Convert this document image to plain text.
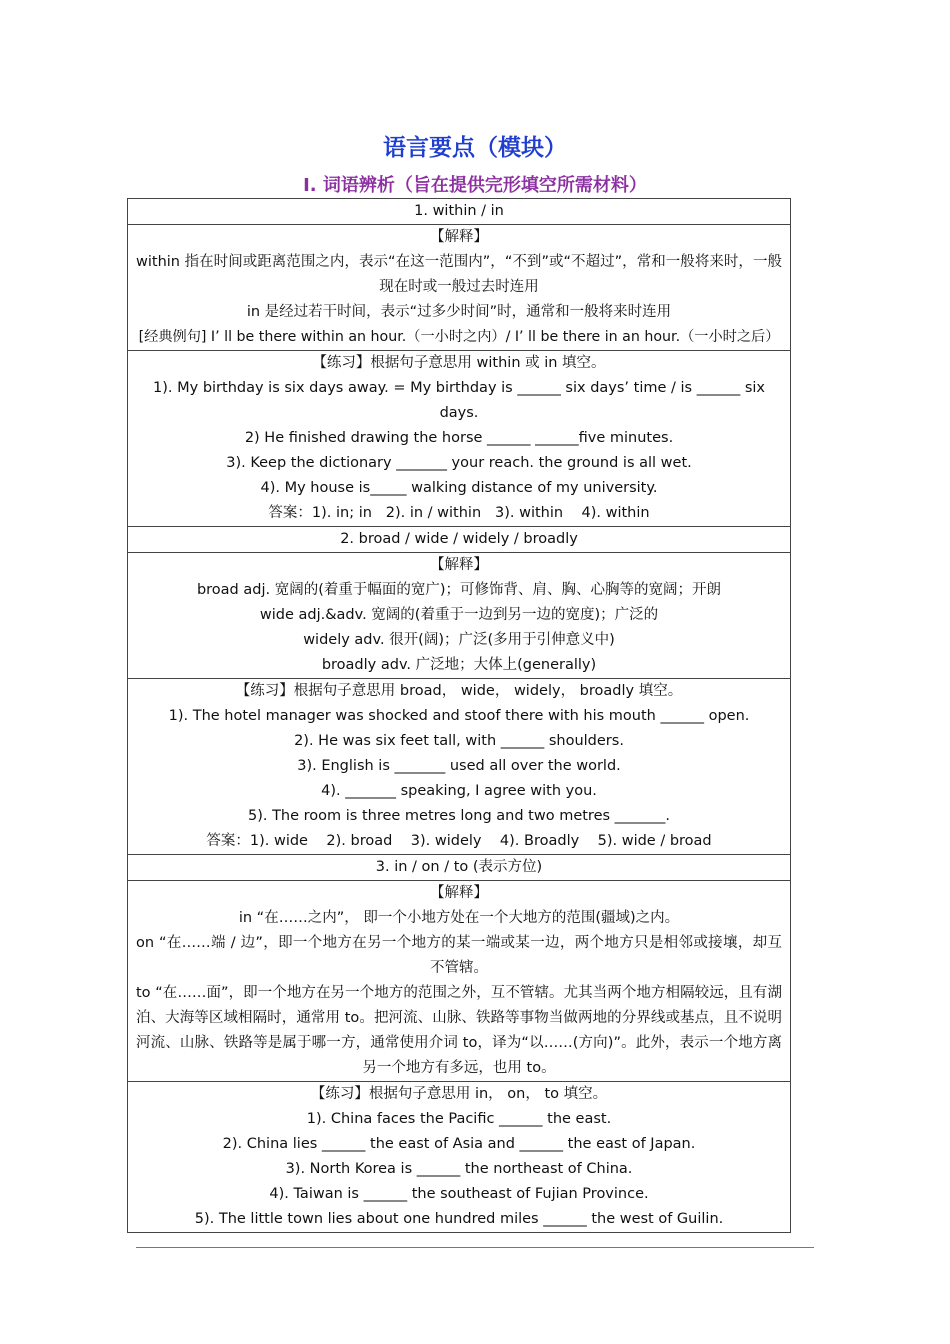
语言要点（模块）
Ⅰ. 词语辨析（旨在提供完形填空所需材料）
1. within / in

【解释】
within 指在时间或距离范围之内，表示“在这一范围内”，“不到”或“不超过”，常和一般将来时，一般现在时或一般过去时连用
in 是经过若干时间，表示“过多少时间”时，通常和一般将来时连用
[经典例句] I’ ll be there within an hour.（一小时之内）/ I’ ll be there in an hour.（一小时之后）

【练习】根据句子意思用 within 或 in 填空。
1). My birthday is six days away. = My birthday is ______ six days’ time / is ______ six days.
2) He finished drawing the horse ______ ______five minutes.
3). Keep the dictionary _______ your reach. the ground is all wet.
4). My house is_____ walking distance of my university.
答案：1). in; in   2). in / within   3). within    4). within

2. broad / wide / widely / broadly

【解释】
broad adj. 宽阔的(着重于幅面的宽广)；可修饰背、肩、胸、心胸等的宽阔；开朗
wide adj.&adv. 宽阔的(着重于一边到另一边的宽度)；广泛的
widely adv. 很开(阔)；广泛(多用于引伸意义中)
broadly adv. 广泛地；大体上(generally)

【练习】根据句子意思用 broad， wide， widely， broadly 填空。
1). The hotel manager was shocked and stoof there with his mouth ______ open.
2). He was six feet tall, with ______ shoulders.
3). English is _______ used all over the world.
4). _______ speaking, I agree with you.
5). The room is three metres long and two metres _______.
答案：1). wide    2). broad    3). widely    4). Broadly    5). wide / broad

3. in / on / to (表示方位)

【解释】
in “在……之内”， 即一个小地方处在一个大地方的范围(疆域)之内。
on “在……端 / 边”，即一个地方在另一个地方的某一端或某一边，两个地方只是相邻或接壤，却互不管辖。
to “在……面”，即一个地方在另一个地方的范围之外，互不管辖。尤其当两个地方相隔较远，且有湖泊、大海等区域相隔时，通常用 to。把河流、山脉、铁路等事物当做两地的分界线或基点，且不说明河流、山脉、铁路等是属于哪一方，通常使用介词 to，译为“以……(方向)”。此外，表示一个地方离另一个地方有多远，也用 to。

【练习】根据句子意思用 in， on， to 填空。
1). China faces the Pacific ______ the east.
2). China lies ______ the east of Asia and ______ the east of Japan.
3). North Korea is ______ the northeast of China.
4). Taiwan is ______ the southeast of Fujian Province.
5). The little town lies about one hundred miles ______ the west of Guilin.
